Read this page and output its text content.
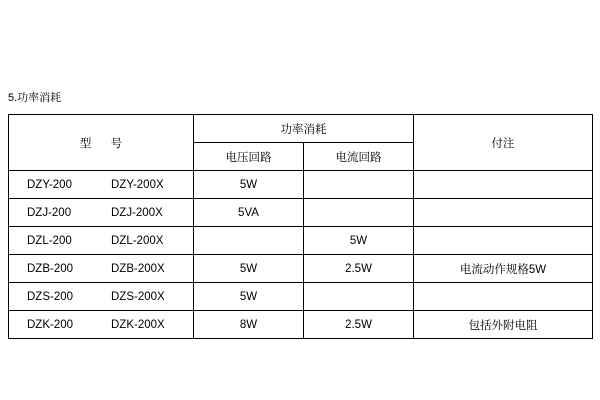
5.功率消耗
型 号	功率消耗		付注
	电压回路	电流回路	

DZY-200 DZY-200X	5W		

DZJ-200 DZJ-200X	5VA		

DZL-200 DZL-200X		5W	

DZB-200 DZB-200X	5W	2.5W	电流动作规格5W

DZS-200 DZS-200X	5W		

DZK-200 DZK-200X	8W	2.5W	包括外附电阻
